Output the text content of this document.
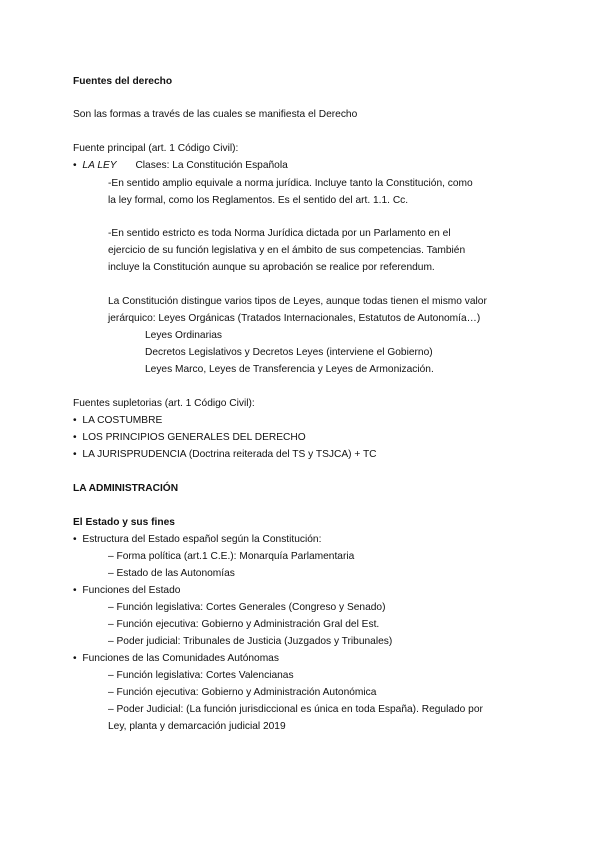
Fuentes del derecho
Son las formas a través de las cuales se manifiesta el Derecho
Fuente principal (art. 1 Código Civil):
• LA LEY Clases: La Constitución Española
-En sentido amplio equivale a norma jurídica. Incluye tanto la Constitución, como
la ley formal, como los Reglamentos. Es el sentido del art. 1.1. Cc.
-En sentido estricto es toda Norma Jurídica dictada por un Parlamento en el
ejercicio de su función legislativa y en el ámbito de sus competencias. También
incluye la Constitución aunque su aprobación se realice por referendum.
La Constitución distingue varios tipos de Leyes, aunque todas tienen el mismo valor
jerárquico: Leyes Orgánicas (Tratados Internacionales, Estatutos de Autonomía…)
Leyes Ordinarias
Decretos Legislativos y Decretos Leyes (interviene el Gobierno)
Leyes Marco, Leyes de Transferencia y Leyes de Armonización.
Fuentes supletorias (art. 1 Código Civil):
• LA COSTUMBRE
• LOS PRINCIPIOS GENERALES DEL DERECHO
• LA JURISPRUDENCIA (Doctrina reiterada del TS y TSJCA) + TC
LA ADMINISTRACIÓN
El Estado y sus fines
• Estructura del Estado español según la Constitución:
– Forma política (art.1 C.E.): Monarquía Parlamentaria
– Estado de las Autonomías
• Funciones del Estado
– Función legislativa: Cortes Generales (Congreso y Senado)
– Función ejecutiva: Gobierno y Administración Gral del Est.
– Poder judicial: Tribunales de Justicia (Juzgados y Tribunales)
• Funciones de las Comunidades Autónomas
– Función legislativa: Cortes Valencianas
– Función ejecutiva: Gobierno y Administración Autonómica
– Poder Judicial: (La función jurisdiccional es única en toda España). Regulado por
Ley, planta y demarcación judicial 2019
